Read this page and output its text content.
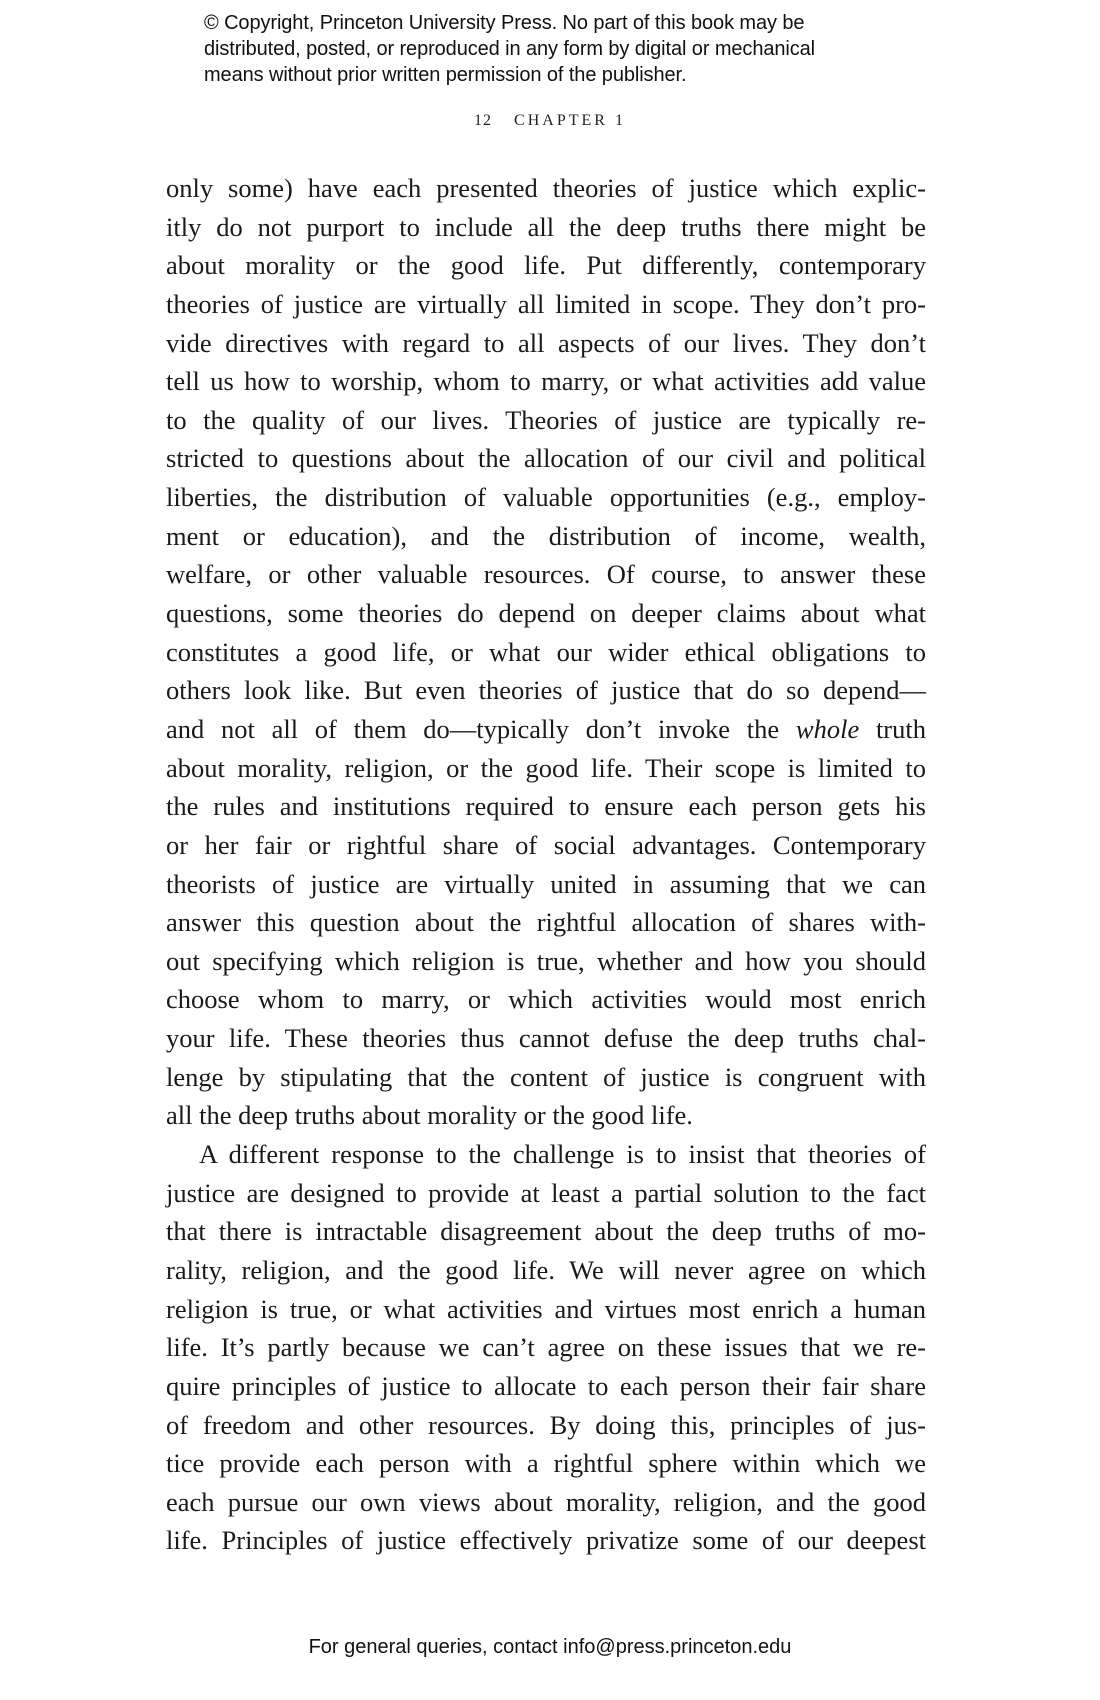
© Copyright, Princeton University Press. No part of this book may be
distributed, posted, or reproduced in any form by digital or mechanical
means without prior written permission of the publisher.
12 CHAPTER 1
only some) have each presented theories of justice which explic-
itly do not purport to include all the deep truths there might be
about morality or the good life. Put differently, contemporary
theories of justice are virtually all limited in scope. They don’t pro-
vide directives with regard to all aspects of our lives. They don’t
tell us how to worship, whom to marry, or what activities add value
to the quality of our lives. Theories of justice are typically re-
stricted to questions about the allocation of our civil and political
liberties, the distribution of valuable opportunities (e.g., employ-
ment or education), and the distribution of income, wealth,
welfare, or other valuable resources. Of course, to answer these
questions, some theories do depend on deeper claims about what
constitutes a good life, or what our wider ethical obligations to
others look like. But even theories of justice that do so depend—
and not all of them do—typically don’t invoke the whole truth
about morality, religion, or the good life. Their scope is limited to
the rules and institutions required to ensure each person gets his
or her fair or rightful share of social advantages. Contemporary
theorists of justice are virtually united in assuming that we can
answer this question about the rightful allocation of shares with-
out specifying which religion is true, whether and how you should
choose whom to marry, or which activities would most enrich
your life. These theories thus cannot defuse the deep truths chal-
lenge by stipulating that the content of justice is congruent with
all the deep truths about morality or the good life.
A different response to the challenge is to insist that theories of
justice are designed to provide at least a partial solution to the fact
that there is intractable disagreement about the deep truths of mo-
rality, religion, and the good life. We will never agree on which
religion is true, or what activities and virtues most enrich a human
life. It’s partly because we can’t agree on these issues that we re-
quire principles of justice to allocate to each person their fair share
of freedom and other resources. By doing this, principles of jus-
tice provide each person with a rightful sphere within which we
each pursue our own views about morality, religion, and the good
life. Principles of justice effectively privatize some of our deepest
For general queries, contact info@press.princeton.edu
